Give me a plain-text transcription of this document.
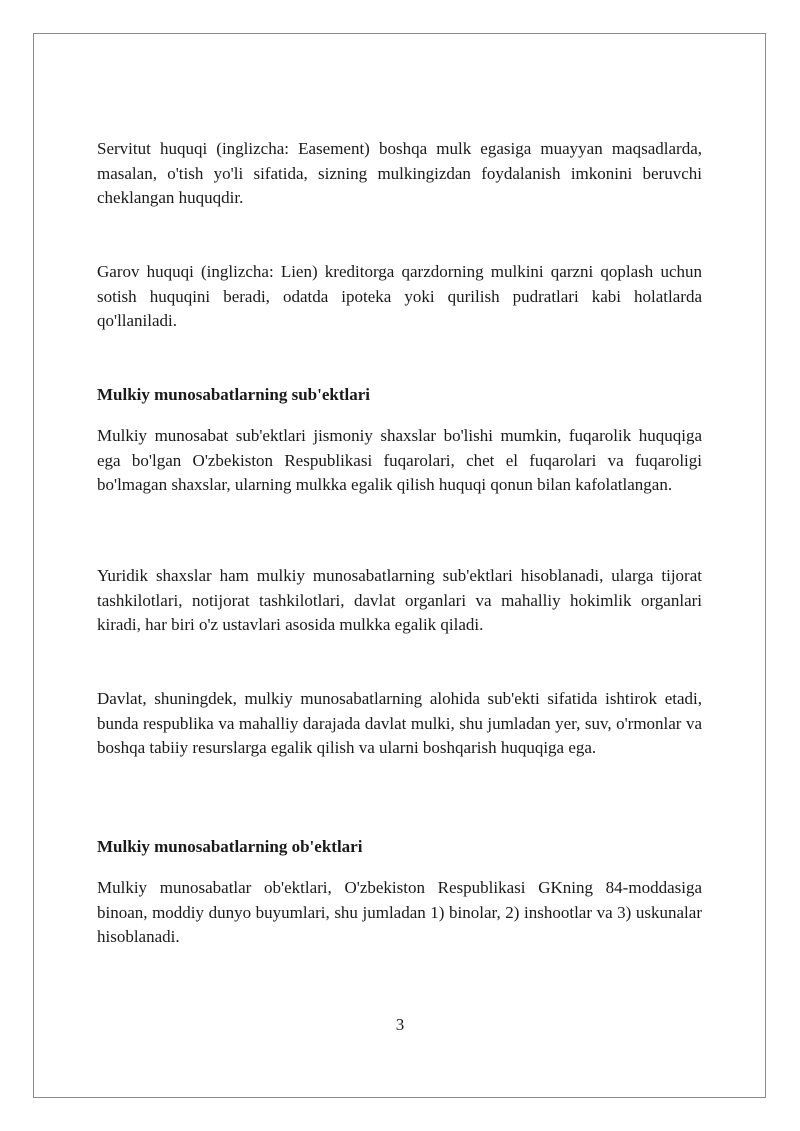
Servitut huquqi (inglizcha: Easement) boshqa mulk egasiga muayyan maqsadlarda, masalan, o'tish yo'li sifatida, sizning mulkingizdan foydalanish imkonini beruvchi cheklangan huquqdir.

Garov huquqi (inglizcha: Lien) kreditorga qarzdorning mulkini qarzni qoplash uchun sotish huquqini beradi, odatda ipoteka yoki qurilish pudratlari kabi holatlarda qo'llaniladi.

Mulkiy munosabatlarning sub'ektlari

Mulkiy munosabat sub'ektlari jismoniy shaxslar bo'lishi mumkin, fuqarolik huquqiga ega bo'lgan O'zbekiston Respublikasi fuqarolari, chet el fuqarolari va fuqaroligi bo'lmagan shaxslar, ularning mulkka egalik qilish huquqi qonun bilan kafolatlangan.

Yuridik shaxslar ham mulkiy munosabatlarning sub'ektlari hisoblanadi, ularga tijorat tashkilotlari, notijorat tashkilotlari, davlat organlari va mahalliy hokimlik organlari kiradi, har biri o'z ustavlari asosida mulkka egalik qiladi.

Davlat, shuningdek, mulkiy munosabatlarning alohida sub'ekti sifatida ishtirok etadi, bunda respublika va mahalliy darajada davlat mulki, shu jumladan yer, suv, o'rmonlar va boshqa tabiiy resurslarga egalik qilish va ularni boshqarish huquqiga ega.

Mulkiy munosabatlarning ob'ektlari

Mulkiy munosabatlar ob'ektlari, O'zbekiston Respublikasi GKning 84-moddasiga binoan, moddiy dunyo buyumlari, shu jumladan 1) binolar, 2) inshootlar va 3) uskunalar hisoblanadi.

3
